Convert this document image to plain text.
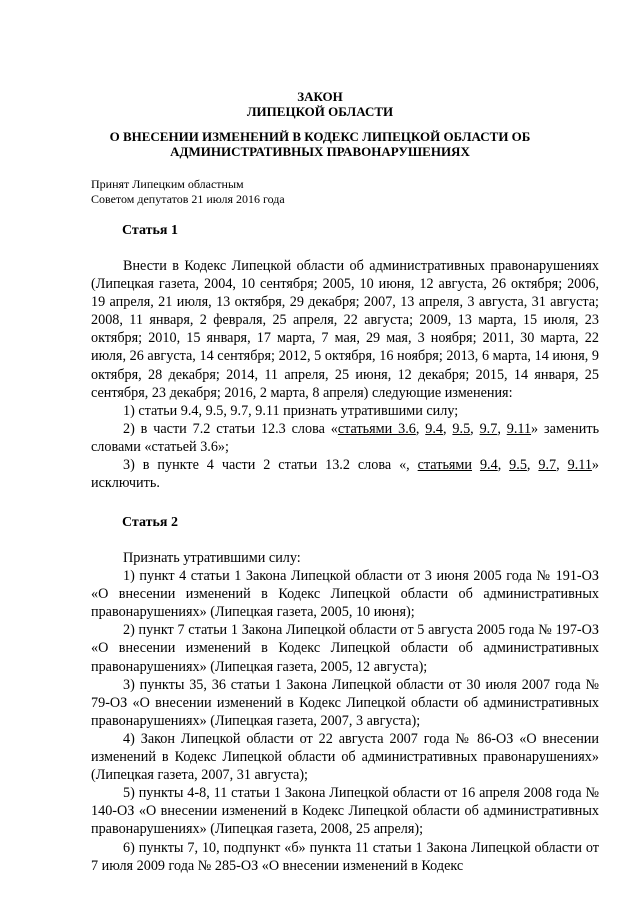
ЗАКОН
ЛИПЕЦКОЙ ОБЛАСТИ
О ВНЕСЕНИИ ИЗМЕНЕНИЙ В КОДЕКС ЛИПЕЦКОЙ ОБЛАСТИ ОБ
АДМИНИСТРАТИВНЫХ ПРАВОНАРУШЕНИЯХ
Принят Липецким областным
Советом депутатов 21 июля 2016 года
Статья 1

Внести в Кодекс Липецкой области об административных правонарушениях (Липецкая газета, 2004, 10 сентября; 2005, 10 июня, 12 августа, 26 октября; 2006, 19 апреля, 21 июля, 13 октября, 29 декабря; 2007, 13 апреля, 3 августа, 31 августа; 2008, 11 января, 2 февраля, 25 апреля, 22 августа; 2009, 13 марта, 15 июля, 23 октября; 2010, 15 января, 17 марта, 7 мая, 29 мая, 3 ноября; 2011, 30 марта, 22 июля, 26 августа, 14 сентября; 2012, 5 октября, 16 ноября; 2013, 6 марта, 14 июня, 9 октября, 28 декабря; 2014, 11 апреля, 25 июня, 12 декабря; 2015, 14 января, 25 сентября, 23 декабря; 2016, 2 марта, 8 апреля) следующие изменения:

1) статьи 9.4, 9.5, 9.7, 9.11 признать утратившими силу;

2) в части 7.2 статьи 12.3 слова «статьями 3.6, 9.4, 9.5, 9.7, 9.11» заменить словами «статьей 3.6»;

3) в пункте 4 части 2 статьи 13.2 слова «, статьями 9.4, 9.5, 9.7, 9.11» исключить.

Статья 2

Признать утратившими силу:

1) пункт 4 статьи 1 Закона Липецкой области от 3 июня 2005 года № 191-ОЗ «О внесении изменений в Кодекс Липецкой области об административных правонарушениях» (Липецкая газета, 2005, 10 июня);

2) пункт 7 статьи 1 Закона Липецкой области от 5 августа 2005 года № 197-ОЗ «О внесении изменений в Кодекс Липецкой области об административных правонарушениях» (Липецкая газета, 2005, 12 августа);

3) пункты 35, 36 статьи 1 Закона Липецкой области от 30 июля 2007 года № 79-ОЗ «О внесении изменений в Кодекс Липецкой области об административных правонарушениях» (Липецкая газета, 2007, 3 августа);

4) Закон Липецкой области от 22 августа 2007 года № 86-ОЗ «О внесении изменений в Кодекс Липецкой области об административных правонарушениях» (Липецкая газета, 2007, 31 августа);

5) пункты 4-8, 11 статьи 1 Закона Липецкой области от 16 апреля 2008 года № 140-ОЗ «О внесении изменений в Кодекс Липецкой области об административных правонарушениях» (Липецкая газета, 2008, 25 апреля);

6) пункты 7, 10, подпункт «б» пункта 11 статьи 1 Закона Липецкой области от 7 июля 2009 года № 285-ОЗ «О внесении изменений в Кодекс
